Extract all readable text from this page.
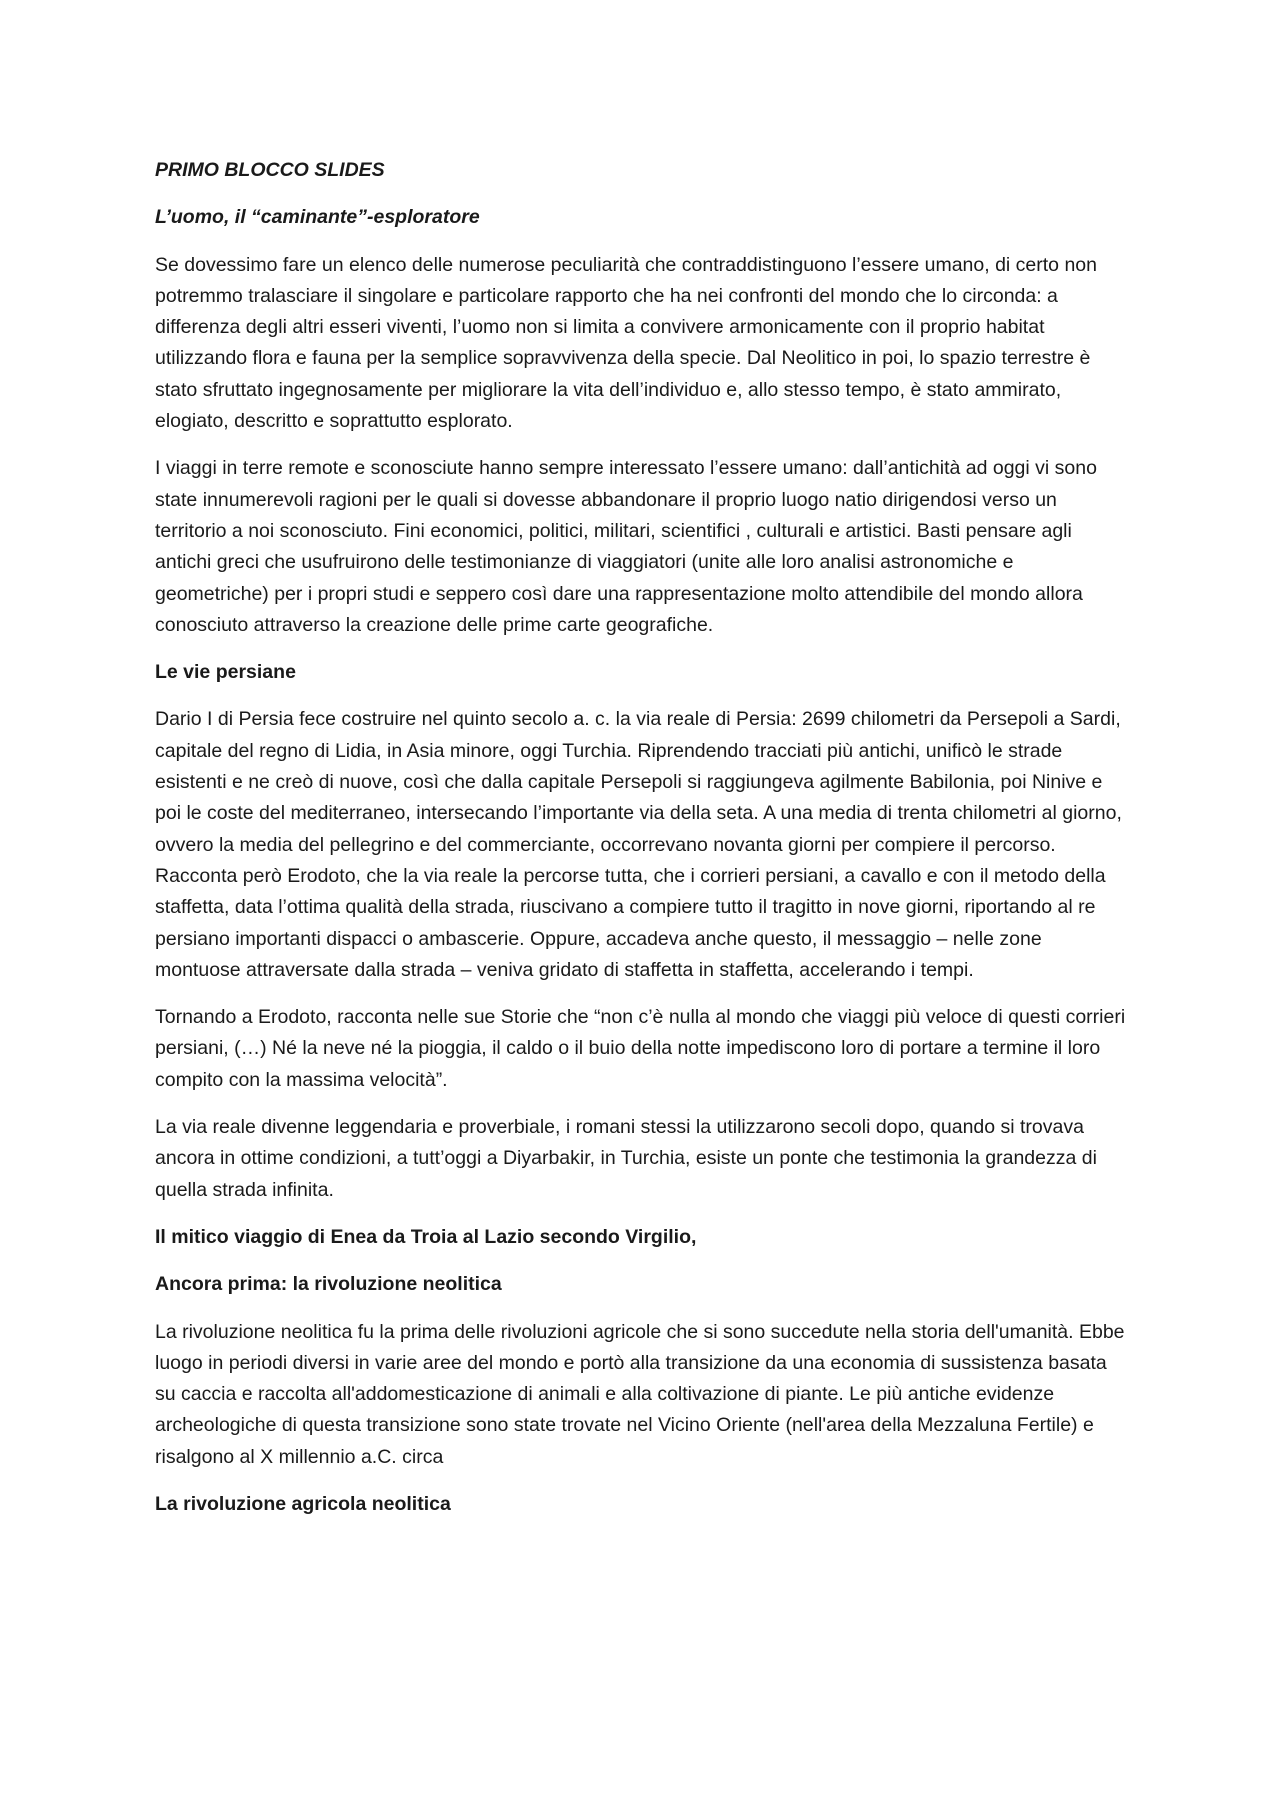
PRIMO BLOCCO SLIDES

L’uomo, il “caminante”-esploratore

Se dovessimo fare un elenco delle numerose peculiarità che contraddistinguono l’essere umano, di certo non potremmo tralasciare il singolare e particolare rapporto che ha nei confronti del mondo che lo circonda: a differenza degli altri esseri viventi, l’uomo non si limita a convivere armonicamente con il proprio habitat utilizzando flora e fauna per la semplice sopravvivenza della specie. Dal Neolitico in poi, lo spazio terrestre è stato sfruttato ingegnosamente per migliorare la vita dell’individuo e, allo stesso tempo, è stato ammirato, elogiato, descritto e soprattutto esplorato.

I viaggi in terre remote e sconosciute hanno sempre interessato l’essere umano: dall’antichità ad oggi vi sono state innumerevoli ragioni per le quali si dovesse abbandonare il proprio luogo natio dirigendosi verso un territorio a noi sconosciuto. Fini economici, politici, militari, scientifici , culturali e artistici. Basti pensare agli antichi greci che usufruirono delle testimonianze di viaggiatori (unite alle loro analisi astronomiche e geometriche) per i propri studi e seppero così dare una rappresentazione molto attendibile del mondo allora conosciuto attraverso la creazione delle prime carte geografiche.

Le vie persiane

Dario I di Persia fece costruire nel quinto secolo a. c. la via reale di Persia: 2699 chilometri da Persepoli a Sardi, capitale del regno di Lidia, in Asia minore, oggi Turchia. Riprendendo tracciati più antichi, unificò le strade esistenti e ne creò di nuove, così che dalla capitale Persepoli si raggiungeva agilmente Babilonia, poi Ninive e poi le coste del mediterraneo, intersecando l’importante via della seta. A una media di trenta chilometri al giorno, ovvero la media del pellegrino e del commerciante, occorrevano novanta giorni per compiere il percorso. Racconta però Erodoto, che la via reale la percorse tutta, che i corrieri persiani, a cavallo e con il metodo della staffetta, data l’ottima qualità della strada, riuscivano a compiere tutto il tragitto in nove giorni, riportando al re persiano importanti dispacci o ambascerie. Oppure, accadeva anche questo, il messaggio – nelle zone montuose attraversate dalla strada – veniva gridato di staffetta in staffetta, accelerando i tempi.

Tornando a Erodoto, racconta nelle sue Storie che “non c’è nulla al mondo che viaggi più veloce di questi corrieri persiani, (…) Né la neve né la pioggia, il caldo o il buio della notte impediscono loro di portare a termine il loro compito con la massima velocità”.

La via reale divenne leggendaria e proverbiale, i romani stessi la utilizzarono secoli dopo, quando si trovava ancora in ottime condizioni, a tutt’oggi a Diyarbakir, in Turchia, esiste un ponte che testimonia la grandezza di quella strada infinita.

Il mitico viaggio di Enea da Troia al Lazio secondo Virgilio,

Ancora prima: la rivoluzione neolitica

La rivoluzione neolitica fu la prima delle rivoluzioni agricole che si sono succedute nella storia dell'umanità. Ebbe luogo in periodi diversi in varie aree del mondo e portò alla transizione da una economia di sussistenza basata su caccia e raccolta all'addomesticazione di animali e alla coltivazione di piante. Le più antiche evidenze archeologiche di questa transizione sono state trovate nel Vicino Oriente (nell'area della Mezzaluna Fertile) e risalgono al X millennio a.C. circa

La rivoluzione agricola neolitica
